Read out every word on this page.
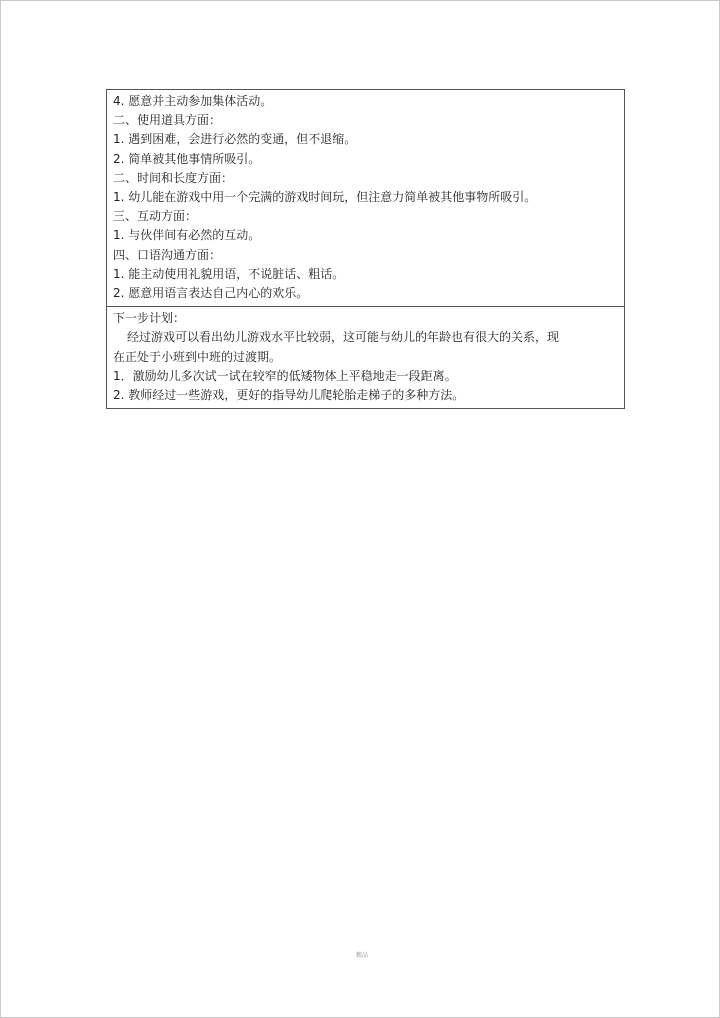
4. 愿意并主动参加集体活动。
二、使用道具方面：
1. 遇到困难，会进行必然的变通，但不退缩。
2. 简单被其他事情所吸引。
二、时间和长度方面：
1. 幼儿能在游戏中用一个完满的游戏时间玩，但注意力简单被其他事物所吸引。
三、互动方面：
1. 与伙伴间有必然的互动。
四、口语沟通方面：
1. 能主动使用礼貌用语，不说脏话、粗话。
2. 愿意用语言表达自己内心的欢乐。
下一步计划：
经过游戏可以看出幼儿游戏水平比较弱，这可能与幼儿的年龄也有很大的关系，现
在正处于小班到中班的过渡期。
1．激励幼儿多次试一试在较窄的低矮物体上平稳地走一段距离。
2. 教师经过一些游戏，更好的指导幼儿爬轮胎走梯子的多种方法。
精品
